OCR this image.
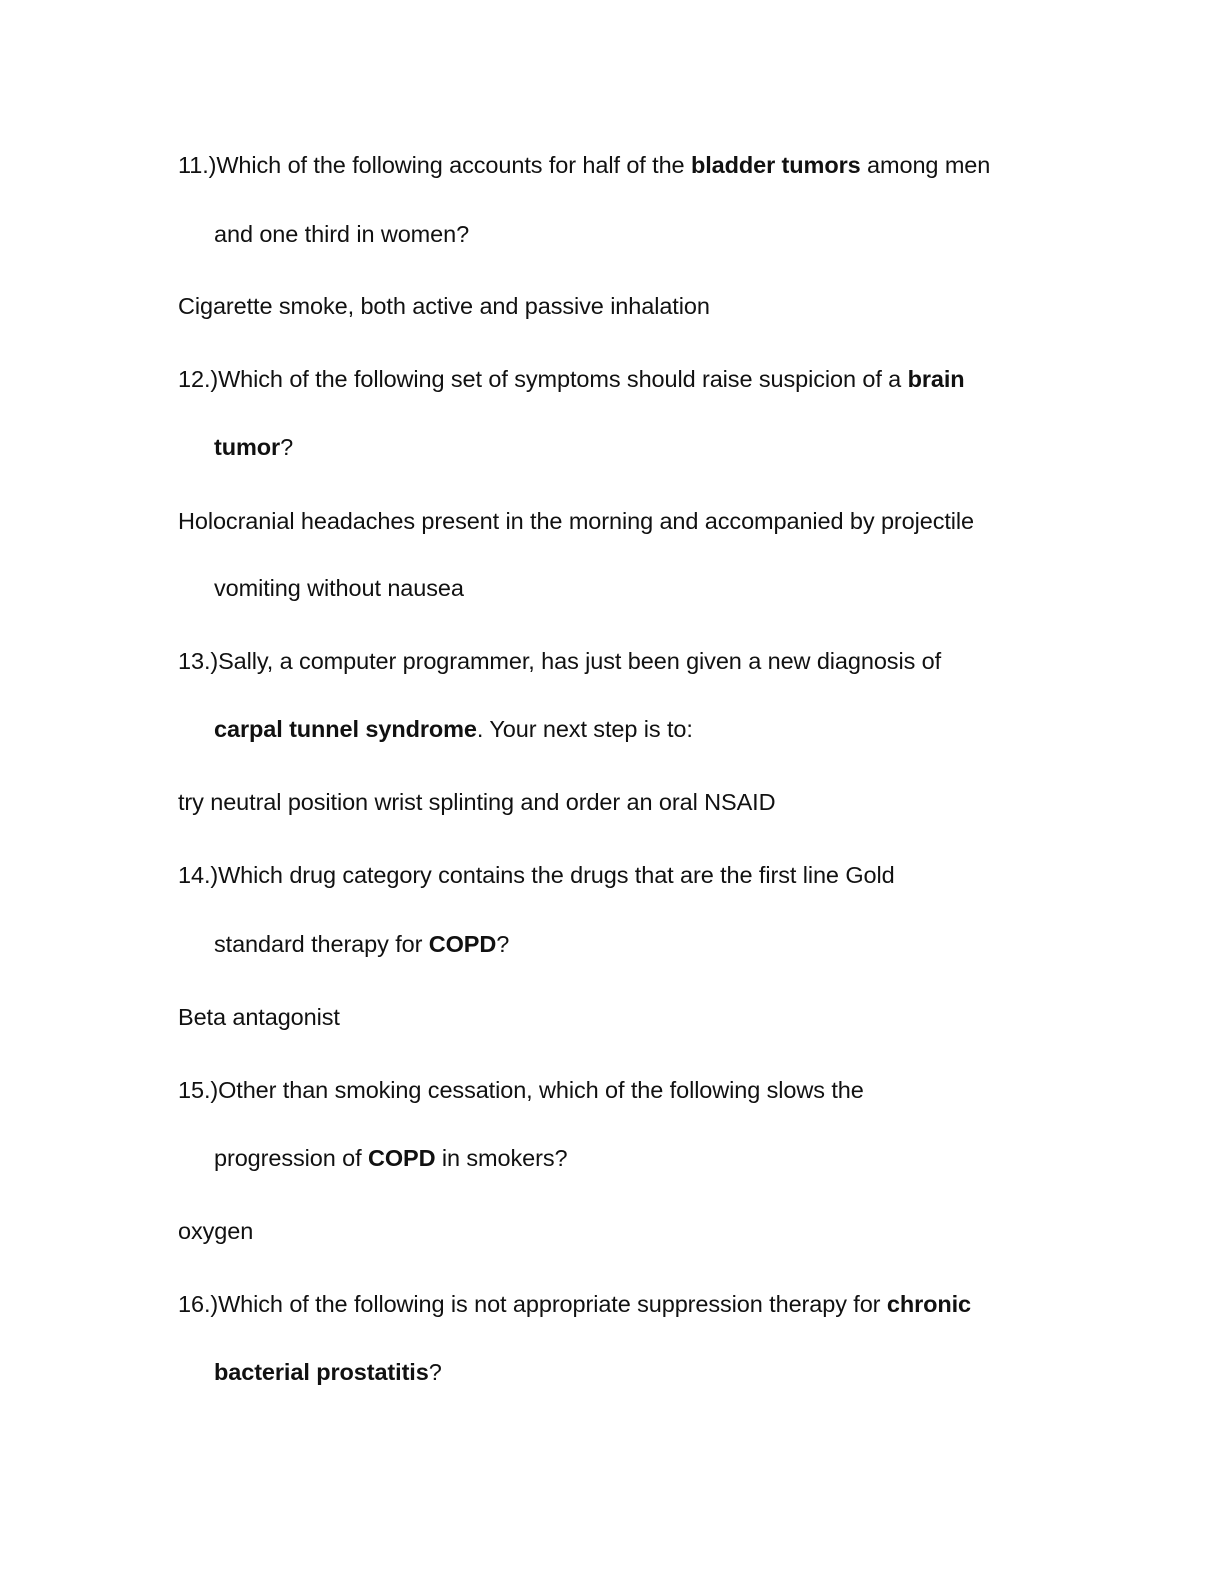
11.)Which of the following accounts for half of the bladder tumors among men
and one third in women?
Cigarette smoke, both active and passive inhalation
12.)Which of the following set of symptoms should raise suspicion of a brain
tumor?
Holocranial headaches present in the morning and accompanied by projectile
vomiting without nausea
13.)Sally, a computer programmer, has just been given a new diagnosis of
carpal tunnel syndrome. Your next step is to:
try neutral position wrist splinting and order an oral NSAID
14.)Which drug category contains the drugs that are the first line Gold
standard therapy for COPD?
Beta antagonist
15.)Other than smoking cessation, which of the following slows the
progression of COPD in smokers?
oxygen
16.)Which of the following is not appropriate suppression therapy for chronic
bacterial prostatitis?
